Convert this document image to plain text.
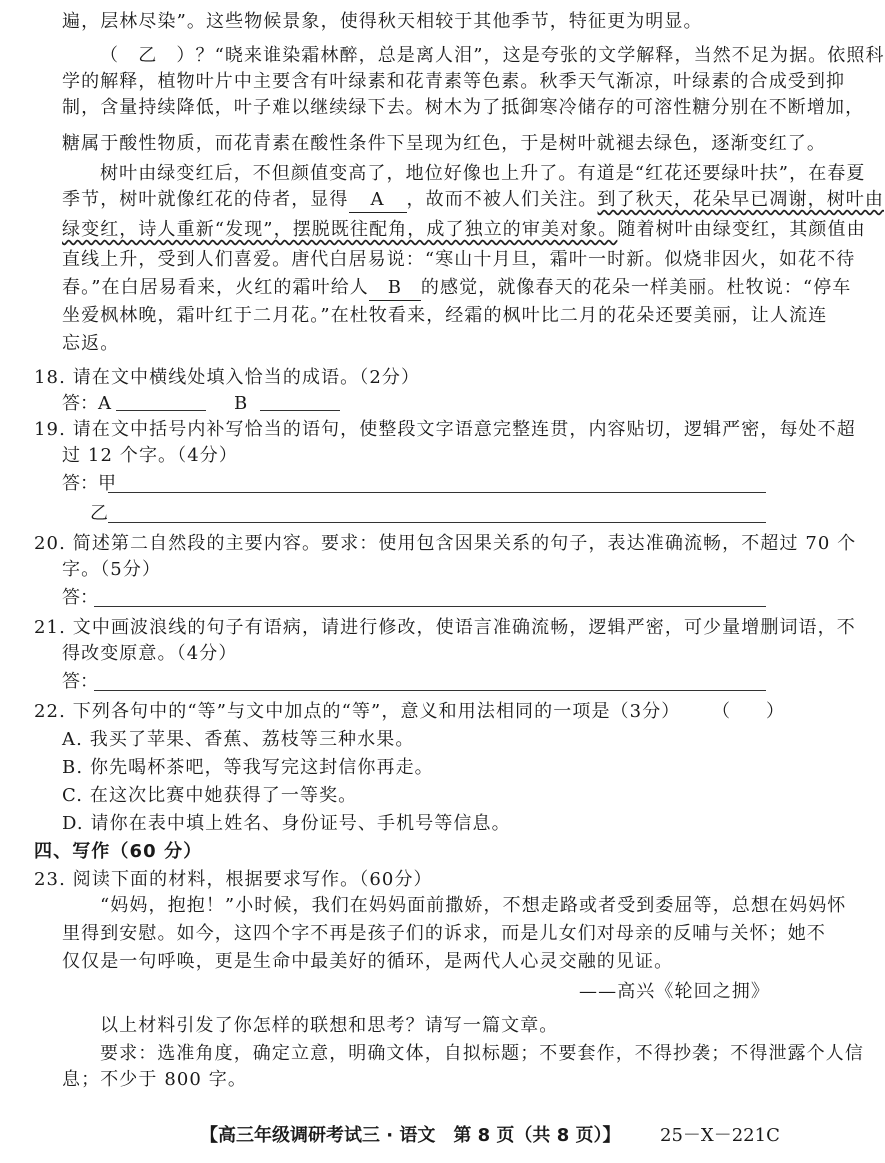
遍，层林尽染”。这些物候景象，使得秋天相较于其他季节，特征更为明显。
（　乙　）？“晓来谁染霜林醉，总是离人泪”，这是夸张的文学解释，当然不足为据。依照科
学的解释，植物叶片中主要含有叶绿素和花青素等色素。秋季天气渐凉，叶绿素的合成受到抑
制，含量持续降低，叶子难以继续绿下去。树木为了抵御寒冷储存的可溶性糖分别在不断增加，
糖属于酸性物质，而花青素在酸性条件下呈现为红色，于是树叶就褪去绿色，逐渐变红了。
树叶由绿变红后，不但颜值变高了，地位好像也上升了。有道是“红花还要绿叶扶”，在春夏
季节，树叶就像红花的侍者，显得 A ，故而不被人们关注。到了秋天，花朵早已凋谢，树叶由
绿变红，诗人重新“发现”，摆脱既往配角，成了独立的审美对象。随着树叶由绿变红，其颜值由
直线上升，受到人们喜爱。唐代白居易说：“寒山十月旦，霜叶一时新。似烧非因火，如花不待
春。”在白居易看来，火红的霜叶给人 B 的感觉，就像春天的花朵一样美丽。杜牧说：“停车
坐爱枫林晚，霜叶红于二月花。”在杜牧看来，经霜的枫叶比二月的花朵还要美丽，让人流连
忘返。
18. 请在文中横线处填入恰当的成语。（2分）
答：A	B
19. 请在文中括号内补写恰当的语句，使整段文字语意完整连贯，内容贴切，逻辑严密，每处不超
过 12 个字。（4分）
答：甲
乙
20. 简述第二自然段的主要内容。要求：使用包含因果关系的句子，表达准确流畅，不超过 70 个
字。（5分）
答：
21. 文中画波浪线的句子有语病，请进行修改，使语言准确流畅，逻辑严密，可少量增删词语，不
得改变原意。（4分）
答：
22. 下列各句中的“等”与文中加点的“等”，意义和用法相同的一项是（3分）	（　　）
A. 我买了苹果、香蕉、荔枝等三种水果。
B. 你先喝杯茶吧，等我写完这封信你再走。
C. 在这次比赛中她获得了一等奖。
D. 请你在表中填上姓名、身份证号、手机号等信息。
四、写作（60 分）
23. 阅读下面的材料，根据要求写作。（60分）
“妈妈，抱抱！”小时候，我们在妈妈面前撒娇，不想走路或者受到委屈等，总想在妈妈怀
里得到安慰。如今，这四个字不再是孩子们的诉求，而是儿女们对母亲的反哺与关怀；她不
仅仅是一句呼唤，更是生命中最美好的循环，是两代人心灵交融的见证。
——高兴《轮回之拥》
以上材料引发了你怎样的联想和思考？请写一篇文章。
要求：选准角度，确定立意，明确文体，自拟标题；不要套作，不得抄袭；不得泄露个人信
息；不少于 800 字。
【高三年级调研考试三 · 语文　第 8 页（共 8 页）】 25－X－221C
